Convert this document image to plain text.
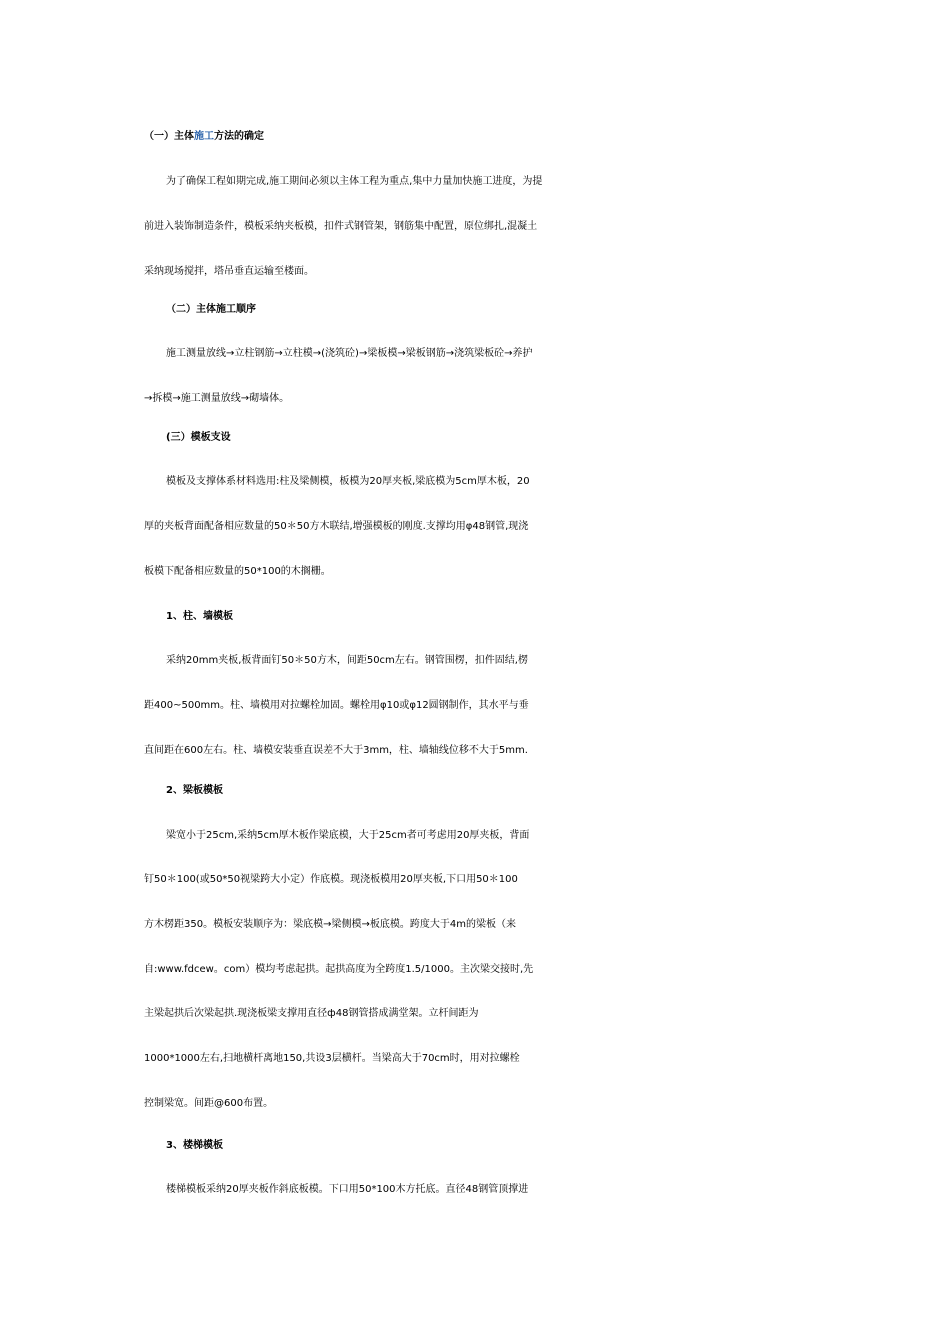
（一）主体施工方法的确定
为了确保工程如期完成,施工期间必须以主体工程为重点,集中力量加快施工进度，为提
前进入装饰制造条件，模板采纳夹板模，扣件式钢管架，钢筋集中配置，原位绑扎,混凝土
采纳现场搅拌，塔吊垂直运输至楼面。
（二）主体施工顺序
施工测量放线→立柱钢筋→立柱模→(浇筑砼)→梁板模→梁板钢筋→浇筑梁板砼→养护
→拆模→施工测量放线→砌墙体。
(三）模板支设
模板及支撑体系材料选用:柱及梁侧模，板模为20厚夹板,梁底模为5cm厚木板，20
厚的夹板背面配备相应数量的50＊50方木联结,增强模板的刚度.支撑均用φ48钢管,现浇
板模下配备相应数量的50*100的木搁栅。
1、柱、墙模板
采纳20mm夹板,板背面钉50＊50方木，间距50cm左右。钢管围楞，扣件固结,楞
距400~500mm。柱、墙模用对拉螺栓加固。螺栓用φ10或φ12圆钢制作，其水平与垂
直间距在600左右。柱、墙模安装垂直误差不大于3mm，柱、墙轴线位移不大于5mm.
2、梁板模板
梁宽小于25cm,采纳5cm厚木板作梁底模，大于25cm者可考虑用20厚夹板，背面
钉50＊100(或50*50视梁跨大小定）作底模。现浇板模用20厚夹板,下口用50＊100
方木楞距350。模板安装顺序为：梁底模→梁侧模→板底模。跨度大于4m的梁板（来
自:www.fdcew。com）模均考虑起拱。起拱高度为全跨度1.5/1000。主次梁交接时,先
主梁起拱后次梁起拱.现浇板梁支撑用直径ф48钢管搭成满堂架。立杆间距为
1000*1000左右,扫地横杆离地150,共设3层横杆。当梁高大于70cm时，用对拉螺栓
控制梁宽。间距@600布置。
3、楼梯模板
楼梯模板采纳20厚夹板作斜底板模。下口用50*100木方托底。直径48钢管顶撑进
